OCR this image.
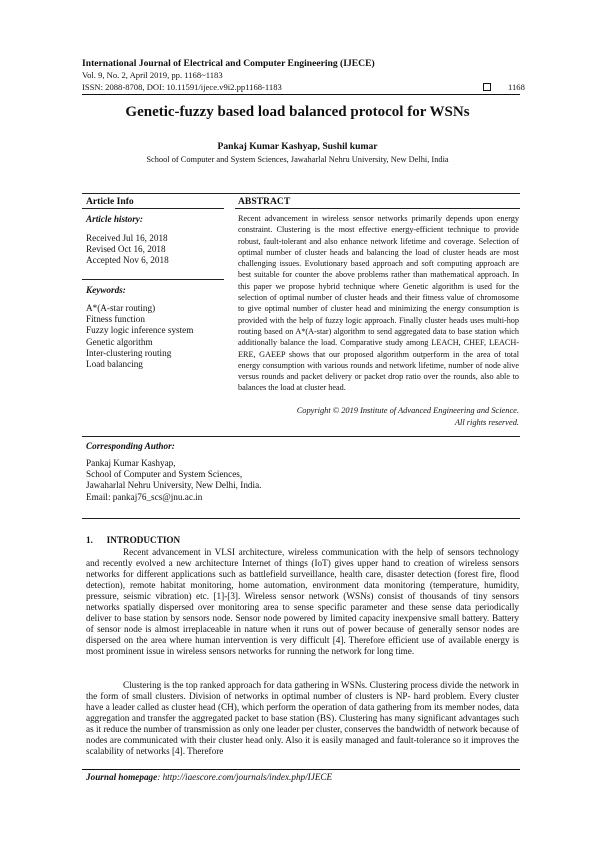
International Journal of Electrical and Computer Engineering (IJECE)
Vol. 9, No. 2, April 2019, pp. 1168~1183
ISSN: 2088-8708, DOI: 10.11591/ijece.v9i2.pp1168-1183	1168
Genetic-fuzzy based load balanced protocol for WSNs
Pankaj Kumar Kashyap, Sushil kumar
School of Computer and System Sciences, Jawaharlal Nehru University, New Delhi, India
Article Info	ABSTRACT
Article history:
Received Jul 16, 2018
Revised Oct 16, 2018
Accepted Nov 6, 2018
Keywords:
A*(A-star routing)
Fitness function
Fuzzy logic inference system
Genetic algorithm
Inter-clustering routing
Load balancing
Recent advancement in wireless sensor networks primarily depends upon energy constraint. Clustering is the most effective energy-efficient technique to provide robust, fault-tolerant and also enhance network lifetime and coverage. Selection of optimal number of cluster heads and balancing the load of cluster heads are most challenging issues. Evolutionary based approach and soft computing approach are best suitable for counter the above problems rather than mathematical approach. In this paper we propose hybrid technique where Genetic algorithm is used for the selection of optimal number of cluster heads and their fitness value of chromosome to give optimal number of cluster head and minimizing the energy consumption is provided with the help of fuzzy logic approach. Finally cluster heads uses multi-hop routing based on A*(A-star) algorithm to send aggregated data to base station which additionally balance the load. Comparative study among LEACH, CHEF, LEACH-ERE, GAEEP shows that our proposed algorithm outperform in the area of total energy consumption with various rounds and network lifetime, number of node alive versus rounds and packet delivery or packet drop ratio over the rounds, also able to balances the load at cluster head.
Copyright © 2019 Institute of Advanced Engineering and Science.
All rights reserved.
Corresponding Author:
Pankaj Kumar Kashyap,
School of Computer and System Sciences,
Jawaharlal Nehru University, New Delhi, India.
Email: pankaj76_scs@jnu.ac.in
1.      INTRODUCTION
Recent advancement in VLSI architecture, wireless communication with the help of sensors technology and recently evolved a new architecture Internet of things (IoT) gives upper hand to creation of wireless sensors networks for different applications such as battlefield surveillance, health care, disaster detection (forest fire, flood detection), remote habitat monitoring, home automation, environment data monitoring (temperature, humidity, pressure, seismic vibration) etc. [1]-[3]. Wireless sensor network (WSNs) consist of thousands of tiny sensors networks spatially dispersed over monitoring area to sense specific parameter and these sense data periodically deliver to base station by sensors node. Sensor node powered by limited capacity inexpensive small battery. Battery of sensor node is almost irreplaceable in nature when it runs out of power because of generally sensor nodes are dispersed on the area where human intervention is very difficult [4]. Therefore efficient use of available energy is most prominent issue in wireless sensors networks for running the network for long time.
Clustering is the top ranked approach for data gathering in WSNs. Clustering process divide the network in the form of small clusters. Division of networks in optimal number of clusters is NP- hard problem. Every cluster have a leader called as cluster head (CH), which perform the operation of data gathering from its member nodes, data aggregation and transfer the aggregated packet to base station (BS). Clustering has many significant advantages such as it reduce the number of transmission as only one leader per cluster, conserves the bandwidth of network because of nodes are communicated with their cluster head only. Also it is easily managed and fault-tolerance so it improves the scalability of networks [4]. Therefore
Journal homepage: http://iaescore.com/journals/index.php/IJECE
